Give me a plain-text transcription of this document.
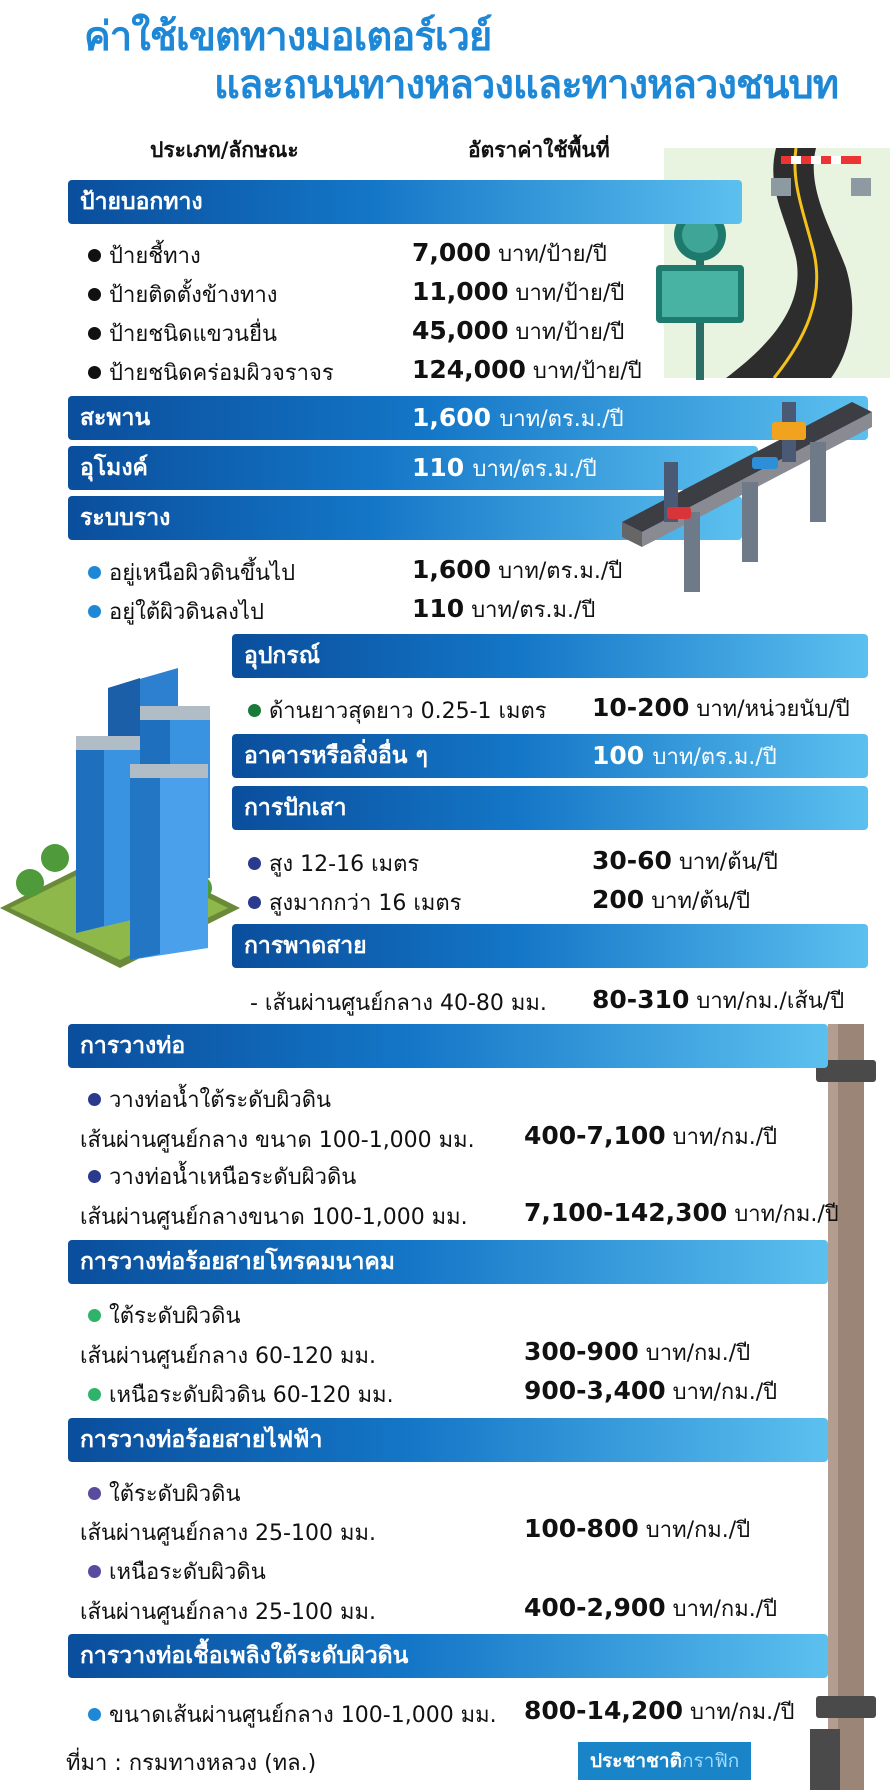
ค่าใช้เขตทางมอเตอร์เวย์
และถนนทางหลวงและทางหลวงชนบท
ประเภท/ลักษณะ	อัตราค่าใช้พื้นที่
ป้ายบอกทาง
ป้ายชี้ทาง	7,000 บาท/ป้าย/ปี
ป้ายติดตั้งข้างทาง	11,000 บาท/ป้าย/ปี
ป้ายชนิดแขวนยื่น	45,000 บาท/ป้าย/ปี
ป้ายชนิดคร่อมผิวจราจร	124,000 บาท/ป้าย/ปี
สะพาน	1,600 บาท/ตร.ม./ปี
อุโมงค์	110 บาท/ตร.ม./ปี
ระบบราง
อยู่เหนือผิวดินขึ้นไป	1,600 บาท/ตร.ม./ปี
อยู่ใต้ผิวดินลงไป	110 บาท/ตร.ม./ปี
อุปกรณ์
ด้านยาวสุดยาว 0.25-1 เมตร 10-200 บาท/หน่วยนับ/ปี
อาคารหรือสิ่งอื่น ๆ	100 บาท/ตร.ม./ปี
การปักเสา
สูง 12-16 เมตร	30-60 บาท/ต้น/ปี
สูงมากกว่า 16 เมตร	200 บาท/ต้น/ปี
การพาดสาย
- เส้นผ่านศูนย์กลาง 40-80 มม. 80-310 บาท/กม./เส้น/ปี
การวางท่อ
วางท่อน้ำใต้ระดับผิวดิน
เส้นผ่านศูนย์กลาง ขนาด 100-1,000 มม. 400-7,100 บาท/กม./ปี
วางท่อน้ำเหนือระดับผิวดิน
เส้นผ่านศูนย์กลางขนาด 100-1,000 มม. 7,100-142,300 บาท/กม./ปี
การวางท่อร้อยสายโทรคมนาคม
ใต้ระดับผิวดิน
เส้นผ่านศูนย์กลาง 60-120 มม.	300-900 บาท/กม./ปี
เหนือระดับผิวดิน 60-120 มม.	900-3,400 บาท/กม./ปี
การวางท่อร้อยสายไฟฟ้า
ใต้ระดับผิวดิน
เส้นผ่านศูนย์กลาง 25-100 มม.	100-800 บาท/กม./ปี
เหนือระดับผิวดิน
เส้นผ่านศูนย์กลาง 25-100 มม.	400-2,900 บาท/กม./ปี
การวางท่อเชื้อเพลิงใต้ระดับผิวดิน
ขนาดเส้นผ่านศูนย์กลาง 100-1,000 มม. 800-14,200 บาท/กม./ปี
ที่มา : กรมทางหลวง (ทล.)	ประชาชาติกราฟิก
